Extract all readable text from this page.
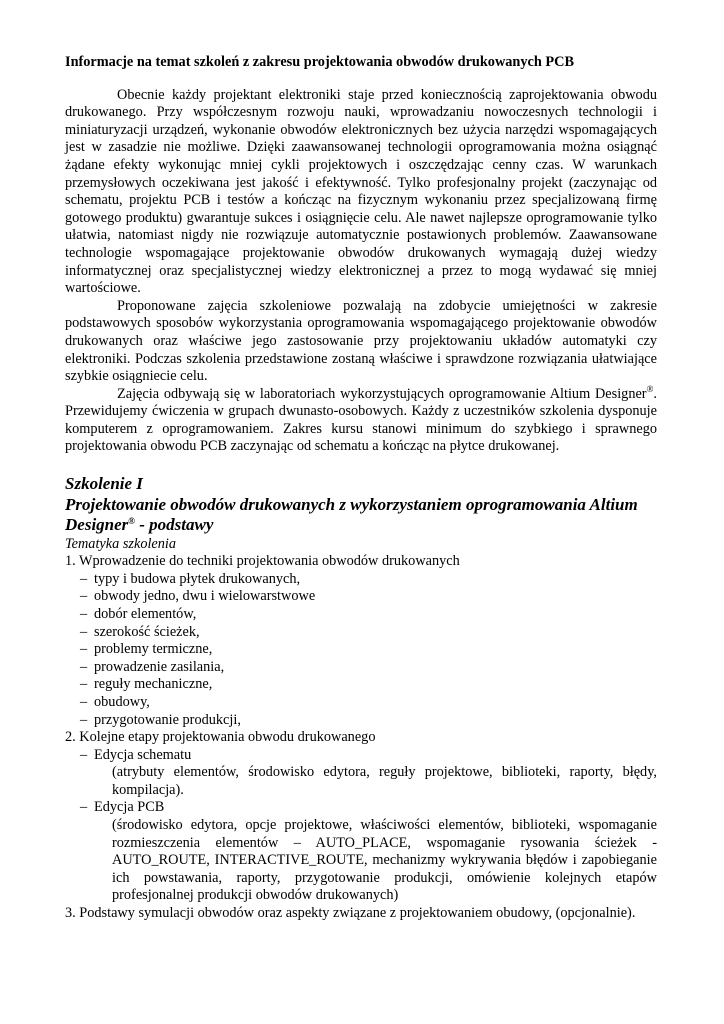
Informacje na temat szkoleń z zakresu projektowania obwodów drukowanych PCB

Obecnie każdy projektant elektroniki staje przed koniecznością zaprojektowania obwodu drukowanego. Przy współczesnym rozwoju nauki, wprowadzaniu nowoczesnych technologii i miniaturyzacji urządzeń, wykonanie obwodów elektronicznych bez użycia narzędzi wspomagających jest w zasadzie nie możliwe. Dzięki zaawansowanej technologii oprogramowania można osiągnąć żądane efekty wykonując mniej cykli projektowych i oszczędzając cenny czas. W warunkach przemysłowych oczekiwana jest jakość i efektywność. Tylko profesjonalny projekt (zaczynając od schematu, projektu PCB i testów a kończąc na fizycznym wykonaniu przez specjalizowaną firmę gotowego produktu) gwarantuje sukces i osiągnięcie celu. Ale nawet najlepsze oprogramowanie tylko ułatwia, natomiast nigdy nie rozwiązuje automatycznie postawionych problemów. Zaawansowane technologie wspomagające projektowanie obwodów drukowanych wymagają dużej wiedzy informatycznej oraz specjalistycznej wiedzy elektronicznej a przez to mogą wydawać się mniej wartościowe.

Proponowane zajęcia szkoleniowe pozwalają na zdobycie umiejętności w zakresie podstawowych sposobów wykorzystania oprogramowania wspomagającego projektowanie obwodów drukowanych oraz właściwe jego zastosowanie przy projektowaniu układów automatyki czy elektroniki. Podczas szkolenia przedstawione zostaną właściwe i sprawdzone rozwiązania ułatwiające szybkie osiągniecie celu.

Zajęcia odbywają się w laboratoriach wykorzystujących oprogramowanie Altium Designer®. Przewidujemy ćwiczenia w grupach dwunasto-osobowych. Każdy z uczestników szkolenia dysponuje komputerem z oprogramowaniem. Zakres kursu stanowi minimum do szybkiego i sprawnego projektowania obwodu PCB zaczynając od schematu a kończąc na płytce drukowanej.

Szkolenie I
Projektowanie obwodów drukowanych z wykorzystaniem oprogramowania Altium Designer® - podstawy

Tematyka szkolenia

1. Wprowadzenie do techniki projektowania obwodów drukowanych
– typy i budowa płytek drukowanych,
– obwody jedno, dwu i wielowarstwowe
– dobór elementów,
– szerokość ścieżek,
– problemy termiczne,
– prowadzenie zasilania,
– reguły mechaniczne,
– obudowy,
– przygotowanie produkcji,
2. Kolejne etapy projektowania obwodu drukowanego
– Edycja schematu
(atrybuty elementów, środowisko edytora, reguły projektowe, biblioteki, raporty, błędy, kompilacja).
– Edycja PCB
(środowisko edytora, opcje projektowe, właściwości elementów, biblioteki, wspomaganie rozmieszczenia elementów – AUTO_PLACE, wspomaganie rysowania ścieżek - AUTO_ROUTE, INTERACTIVE_ROUTE, mechanizmy wykrywania błędów i zapobieganie ich powstawania, raporty, przygotowanie produkcji, omówienie kolejnych etapów profesjonalnej produkcji obwodów drukowanych)
3. Podstawy symulacji obwodów oraz aspekty związane z projektowaniem obudowy, (opcjonalnie).
